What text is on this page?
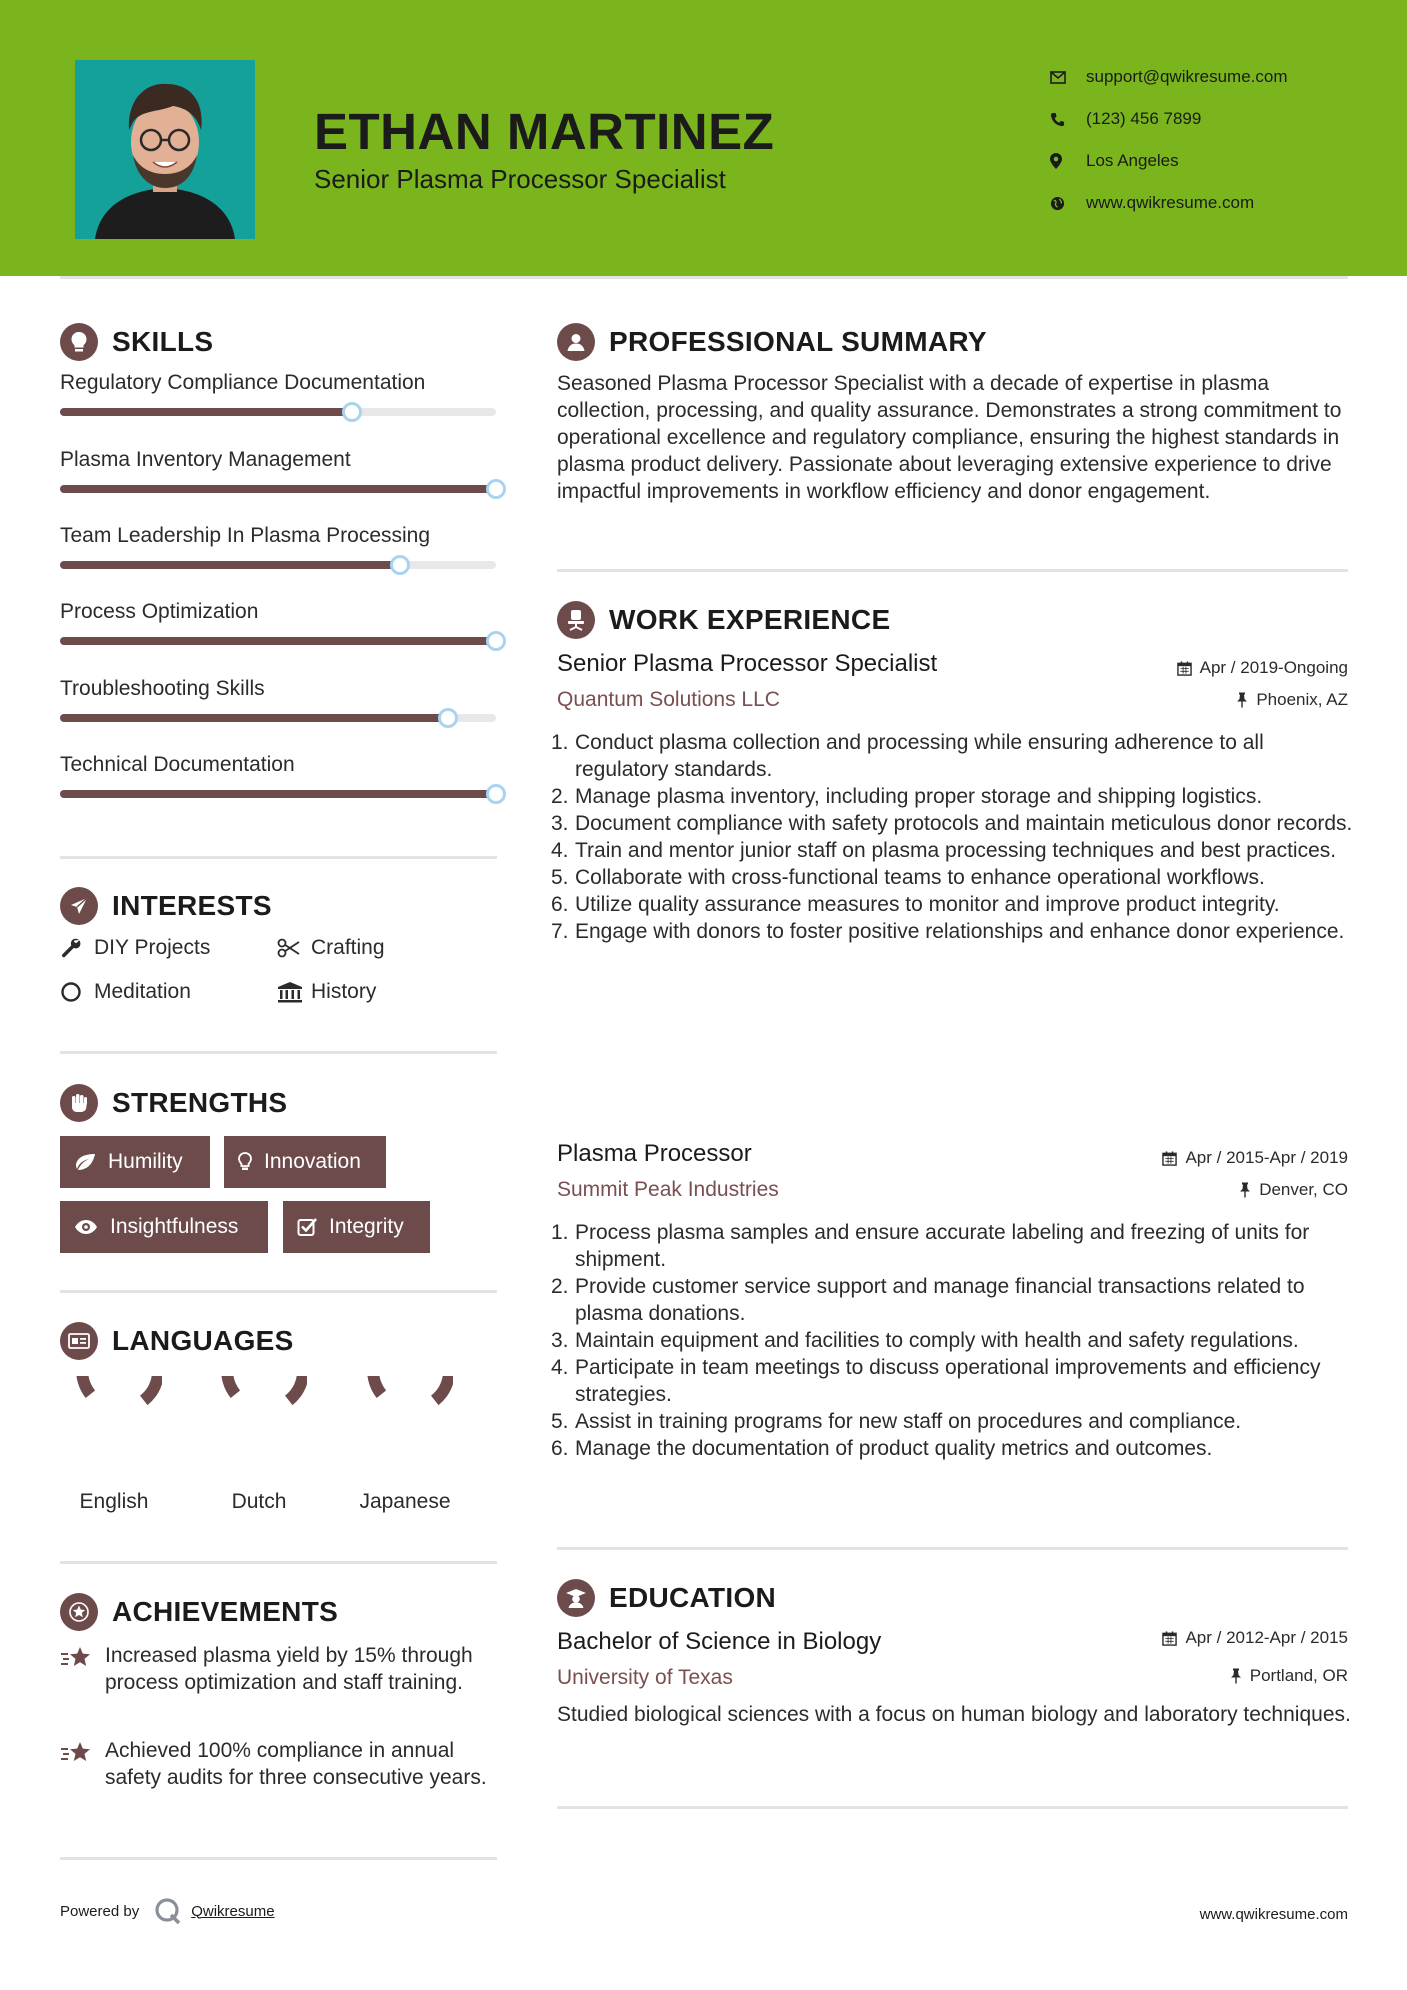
ETHAN MARTINEZ
Senior Plasma Processor Specialist
support@qwikresume.com
(123) 456 7899
Los Angeles
www.qwikresume.com
SKILLS
Regulatory Compliance Documentation
Plasma Inventory Management
Team Leadership In Plasma Processing
Process Optimization
Troubleshooting Skills
Technical Documentation
INTERESTS
DIY Projects	Crafting
Meditation	History
STRENGTHS
Humility	Innovation
Insightfulness	Integrity
LANGUAGES
English	Dutch	Japanese
ACHIEVEMENTS
Increased plasma yield by 15% through process optimization and staff training.
Achieved 100% compliance in annual safety audits for three consecutive years.
PROFESSIONAL SUMMARY
Seasoned Plasma Processor Specialist with a decade of expertise in plasma collection, processing, and quality assurance. Demonstrates a strong commitment to operational excellence and regulatory compliance, ensuring the highest standards in plasma product delivery. Passionate about leveraging extensive experience to drive impactful improvements in workflow efficiency and donor engagement.
WORK EXPERIENCE
Senior Plasma Processor Specialist	Apr / 2019-Ongoing
Quantum Solutions LLC	Phoenix, AZ
1. Conduct plasma collection and processing while ensuring adherence to all regulatory standards.
2. Manage plasma inventory, including proper storage and shipping logistics.
3. Document compliance with safety protocols and maintain meticulous donor records.
4. Train and mentor junior staff on plasma processing techniques and best practices.
5. Collaborate with cross-functional teams to enhance operational workflows.
6. Utilize quality assurance measures to monitor and improve product integrity.
7. Engage with donors to foster positive relationships and enhance donor experience.
Plasma Processor	Apr / 2015-Apr / 2019
Summit Peak Industries	Denver, CO
1. Process plasma samples and ensure accurate labeling and freezing of units for shipment.
2. Provide customer service support and manage financial transactions related to plasma donations.
3. Maintain equipment and facilities to comply with health and safety regulations.
4. Participate in team meetings to discuss operational improvements and efficiency strategies.
5. Assist in training programs for new staff on procedures and compliance.
6. Manage the documentation of product quality metrics and outcomes.
EDUCATION
Bachelor of Science in Biology	Apr / 2012-Apr / 2015
University of Texas	Portland, OR
Studied biological sciences with a focus on human biology and laboratory techniques.
Powered by	Qwikresume	www.qwikresume.com
